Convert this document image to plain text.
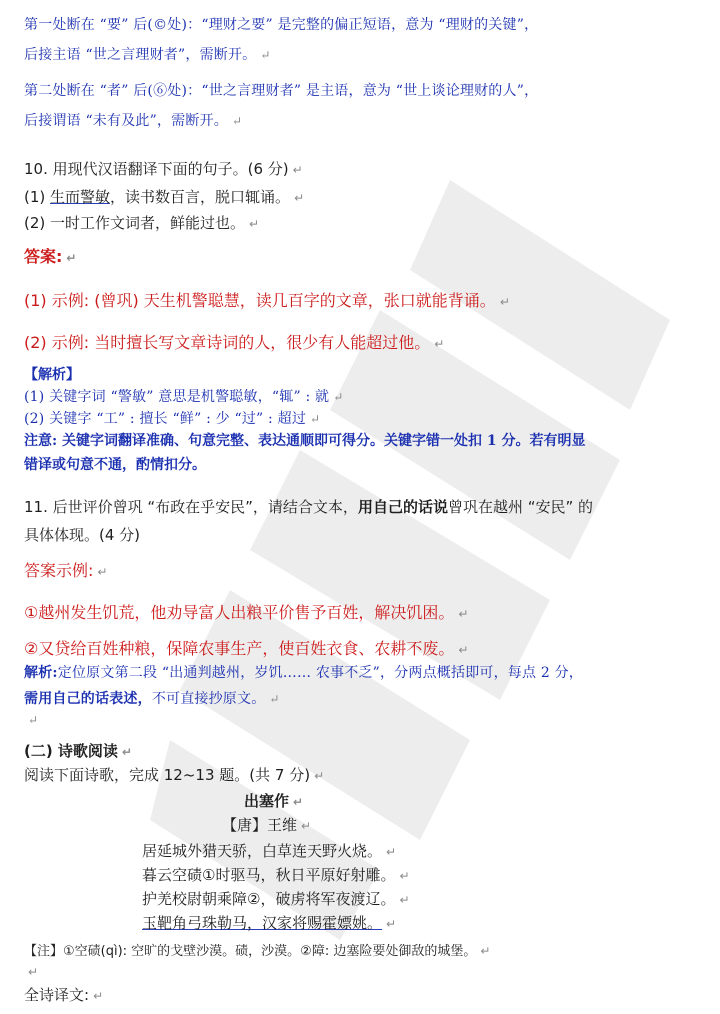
第一处断在 “要” 后(©处)：“理财之要” 是完整的偏正短语，意为 “理财的关键”，
后接主语 “世之言理财者”，需断开。 ↵
第二处断在 “者” 后(⑥处)：“世之言理财者” 是主语，意为 “世上谈论理财的人”，
后接谓语 “未有及此”，需断开。 ↵
10. 用现代汉语翻译下面的句子。(6 分) ↵
(1) 生而警敏，读书数百言，脱口辄诵。 ↵
(2) 一时工作文词者，鲜能过也。 ↵
答案: ↵
(1) 示例: (曾巩) 天生机警聪慧，读几百字的文章，张口就能背诵。 ↵
(2) 示例: 当时擅长写文章诗词的人，很少有人能超过他。 ↵
【解析】
(1) 关键字词 “警敏” 意思是机警聪敏，“辄” : 就 ↵
(2) 关键字 “工” : 擅长 “鲜” : 少 “过” : 超过 ↵
注意: 关键字词翻译准确、句意完整、表达通顺即可得分。关键字错一处扣 1 分。若有明显
错译或句意不通，酌情扣分。
11. 后世评价曾巩 “布政在乎安民”，请结合文本，用自己的话说曾巩在越州 “安民” 的
具体体现。(4 分)
答案示例: ↵
①越州发生饥荒，他劝导富人出粮平价售予百姓，解决饥困。 ↵
②又贷给百姓种粮，保障农事生产，使百姓衣食、农耕不废。 ↵
解析:定位原文第二段 “出通判越州，岁饥…… 农事不乏”，分两点概括即可，每点 2 分，
需用自己的话表述，不可直接抄原文。 ↵
↵
(二) 诗歌阅读 ↵
阅读下面诗歌，完成 12~13 题。(共 7 分) ↵
出塞作 ↵
【唐】王维 ↵
居延城外猎天骄，白草连天野火烧。 ↵
暮云空碛①时驱马，秋日平原好射雕。 ↵
护羌校尉朝乘障②，破虏将军夜渡辽。 ↵
玉靶角弓珠勒马，汉家将赐霍嫖姚。 ↵
【注】①空碛(qì): 空旷的戈壁沙漠。碛，沙漠。②障: 边塞险要处御敌的城堡。 ↵
↵
全诗译文: ↵
